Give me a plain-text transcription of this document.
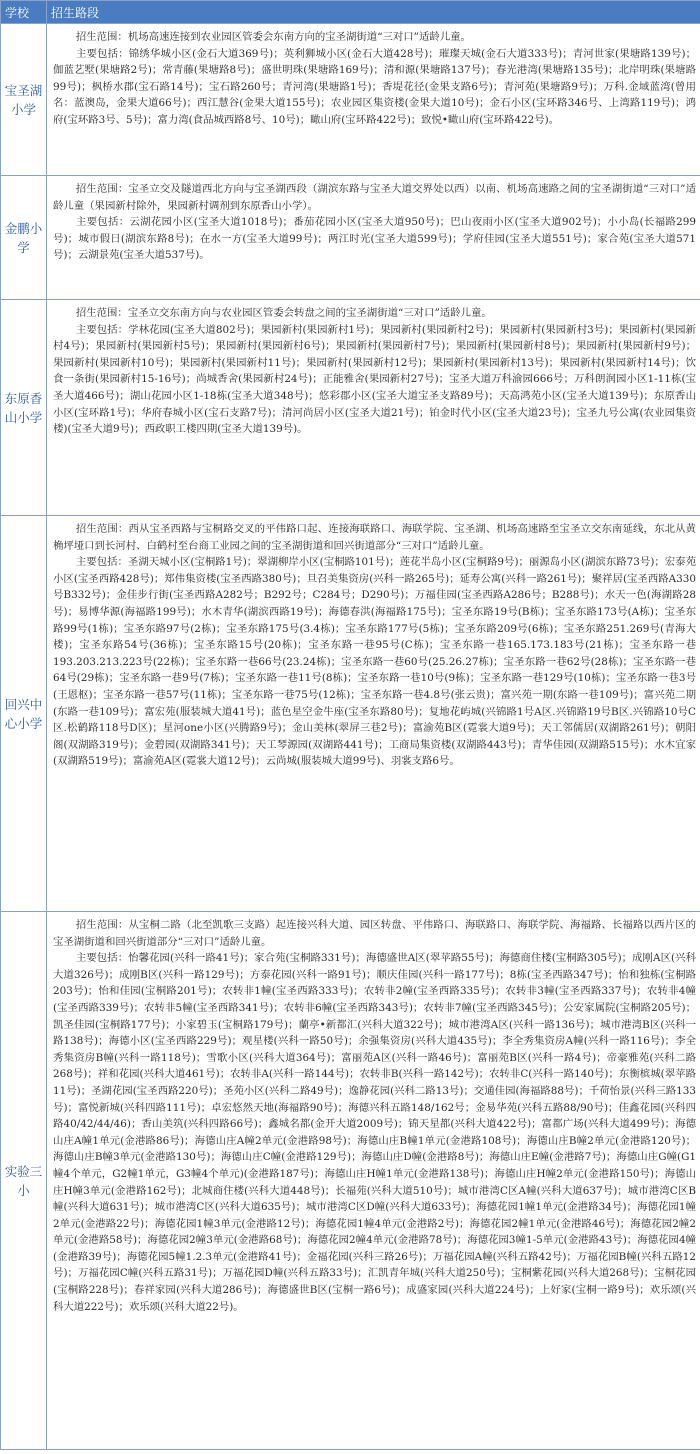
学校	招生路段
宝圣湖小学	招生范围：机场高速连接到农业园区管委会东南方向的宝圣湖街道“三对口”适龄儿童。

主要包括：锦绣华城小区(金石大道369号)；英利狮城小区(金石大道428号)；璀璨天城(金石大道333号)；青河世家(果塘路139号)；伽蓝艺墅(果塘路2号)；常青藤(果塘路8号)；盛世明珠(果塘路169号)；清和源(果塘路137号)；春光港湾(果塘路135号)；北岸明珠(果塘路99号)；枫桥水郡(宝石路14号)；宝石路260号；青河湾(果塘路1号)；香堤花径(金果支路6号)；青河苑(果塘路9号)；万科.金域蓝湾(曾用名：蓝澳岛，金果大道66号)；西江慧谷(金果大道155号)；农业园区集资楼(金果大道10号)；金石小区(宝环路346号、上湾路119号)；鸿府(宝环路3号、5号)；富力湾(食品城西路8号、10号)；瞰山府(宝环路422号)；致悦•瞰山府(宝环路422号)。

金鹏小学	招生范围：宝圣立交及隧道西北方向与宝圣湖西段（湖滨东路与宝圣大道交界处以西）以南、机场高速路之间的宝圣湖街道“三对口”适龄儿童（果园新村除外，果园新村调剂到东原香山小学）。

主要包括：云湖花园小区(宝圣大道1018号)；番茄花园小区(宝圣大道950号)；巴山夜雨小区(宝圣大道902号)；小小岛(长福路299号)；城市假日(湖滨东路8号)；在水一方(宝圣大道99号)；两江时光(宝圣大道599号)；学府佳园(宝圣大道551号)；家合苑(宝圣大道571号)；云湖景苑(宝圣大道537号)。

东原香山小学	招生范围：宝圣立交东南方向与农业园区管委会转盘之间的宝圣湖街道“三对口”适龄儿童。

主要包括：学林花园(宝圣大道802号)；果园新村(果园新村1号)；果园新村(果园新村2号)；果园新村(果园新村3号)；果园新村(果园新村4号)；果园新村(果园新村5号)；果园新村(果园新村6号)；果园新村(果园新村7号)；果园新村(果园新村8号)；果园新村(果园新村9号)；果园新村(果园新村10号)；果园新村(果园新村11号)；果园新村(果园新村12号)；果园新村(果园新村13号)；果园新村(果园新村14号)；饮食一条街(果园新村15-16号)；尚城香舍(果园新村24号)；正能雅舍(果园新村27号)；宝圣大道万科渝园666号；万科朗润园小区1-11栋(宝圣大道466号)；湖山花园小区1-18栋(宝圣大道348号)；悠彩郡小区(宝圣大道宝圣支路89号)；天高鸿苑小区(宝圣大道139号)；东原香山小区(宝环路1号)；华府春城小区(宝石支路7号)；清河尚居小区(宝圣大道21号)；铂金时代小区(宝圣大道23号)；宝圣九号公寓(农业园集资楼)(宝圣大道9号)；西政职工楼四期(宝圣大道139号)。

回兴中心小学	招生范围：西从宝圣西路与宝桐路交叉的平伟路口起、连接海联路口、海联学院、宝圣湖、机场高速路至宝圣立交东南延线，东北从黄桷坪垭口到长河村、白鹤村至台商工业园之间的宝圣湖街道和回兴街道部分“三对口”适龄儿童。

主要包括：圣湖天城小区(宝桐路1号)；翠湖柳岸小区(宝桐路101号)；莲花半岛小区(宝桐路9号)；丽源岛小区(湖滨东路73号)；宏泰苑小区(宝圣西路428号)；郑伟集资楼(宝圣西路380号)；旦召美集资房(兴科一路265号)；延寿公寓(兴科一路261号)；聚祥居(宝圣西路A330号B332号)；金佳步行街(宝圣西路A282号；B292号；C284号；D290号)；万福佳园(宝圣西路A286号；B288号)；水天一色(海湖路28号)；易博华源(海福路199号)；水木青华(湖滨西路19号)；海德春洪(海福路175号)；宝圣东路19号(B栋)；宝圣东路173号(A栋)；宝圣东路99号(1栋)；宝圣东路97号(2栋)；宝圣东路175号(3.4栋)；宝圣东路177号(5栋)；宝圣东路209号(6栋)；宝圣东路251.269号(青海大楼)；宝圣东路54号(36栋)；宝圣东路15号(20栋)；宝圣东路一巷95号(C栋)；宝圣东路一巷165.173.183号(21栋)；宝圣东路一巷193.203.213.223号(22栋)；宝圣东路一巷66号(23.24栋)；宝圣东路一巷60号(25.26.27栋)；宝圣东路一巷62号(28栋)；宝圣东路一巷64号(29栋)；宝圣东路一巷9号(7栋)；宝圣东路一巷11号(8栋)；宝圣东路一巷10号(9栋)；宝圣东路一巷129号(10栋)；宝圣东路一巷3号(王恩枢)；宝圣东路一巷57号(11栋)；宝圣东路一巷75号(12栋)；宝圣东路一巷4.8号(张云贵)；富兴苑一期(东路一巷109号)；富兴苑二期(东路一巷109号)；富宏苑(服装城大道41号)；蓝色星空金牛座(宝圣东路80号)；复地花屿城(兴锦路1号A区.兴锦路19号B区.兴锦路10号C区.松鹤路118号D区)；星河one小区(兴腾路9号)；金山美林(翠屏三巷2号)；富渝苑B区(霓裳大道9号)；天工邻儒居(双湖路261号)；朝阳阁(双湖路319号)；金碧园(双湖路341号)；天工琴源园(双湖路441号)；工商局集资楼(双湖路443号)；青华佳园(双湖路515号)；水木宜家(双湖路519号)；富渝苑A区(霓裳大道12号)；云尚城(服装城大道99号)、羽裳支路6号。

实验三小	招生范围：从宝桐二路（北至凯歌三支路）起连接兴科大道、园区转盘、平伟路口、海联路口、海联学院、海福路、长福路以西片区的宝圣湖街道和回兴街道部分“三对口”适龄儿童。

主要包括：怡馨花园(兴科一路41号)；家合苑(宝桐路331号)；海德盛世A区(翠苹路55号)；海德商住楼(宝桐路305号)；成刚A区(兴科大道326号)；成刚B区(兴科一路129号)；方泰花园(兴科一路91号)；顺庆佳园(兴科一路177号)；8栋(宝圣西路347号)；怡和独栋(宝桐路203号)；怡和佳园(宝桐路201号)；农转非1幢(宝圣西路333号)；农转非2幢(宝圣西路335号)；农转非3幢(宝圣西路337号)；农转非4幢(宝圣西路339号)；农转非5幢(宝圣西路341号)；农转非6幢(宝圣西路343号)；农转非7幢(宝圣西路345号)；公安家属院(宝桐路205号)；凯圣佳园(宝桐路177号)；小家碧玉(宝桐路179号)；蘭亭•新都汇(兴科大道322号)；城市港湾A区(兴科一路136号)；城市港湾B区(兴科一路138号)；海德小区(宝圣西路229号)；观星楼(兴科一路50号)；余强集资房(兴科大道435号)；李全秀集资房A幢(兴科一路116号)；李全秀集资房B幢(兴科一路118号)；雪歌小区(兴科大道364号)；富丽苑A区(兴科一路46号)；富丽苑B区(兴科一路4号)；帝豪雅苑(兴科二路268号)；祥和花园(兴科大道461号)；农转非A(兴科一路144号)；农转非B(兴科一路142号)；农转非C(兴科一路140号)；东衡槟城(翠苹路11号)；圣湖花园(宝圣西路220号)；圣苑小区(兴科二路49号)；逸静花园(兴科二路13号)；交通佳园(海福路88号)；千荷怡景(兴科三路133号)；富悦新城(兴科四路111号)；卓宏悠然天地(海福路90号)；海德兴科五路148/162号；金易华苑(兴科五路88/90号)；佳鑫花园(兴科四路40/42/44/46)；香山美筑(兴科四路66号)；鑫城名都(金开大道2009号)；锦天星都(兴科大道422号)；富都广场(兴科大道499号)；海德山庄A幢1单元(金港路86号)；海德山庄A幢2单元(金港路98号)；海德山庄B幢1单元(金港路108号)；海德山庄B幢2单元(金港路120号)；海德山庄B幢3单元(金港路130号)；海德山庄C幢(金港路129号)；海德山庄D幢(金港路8号)；海德山庄E幢(金港路7号)；海德山庄G幢(G1幢4个单元，G2幢1单元，G3幢4个单元)(金港路187号)；海德山庄H幢1单元(金港路138号)；海德山庄H幢2单元(金港路150号)；海德山庄H幢3单元(金港路162号)；北城商住楼(兴科大道448号)；长福苑(兴科大道510号)；城市港湾C区A幢(兴科大道637号)；城市港湾C区B幢(兴科大道631号)；城市港湾C区(兴科大道635号)；城市港湾C区D幢(兴科大道633号)；海德花园1幢1单元(金港路34号)；海德花园1幢2单元(金港路22号)；海德花园1幢3单元(金港路12号)；海德花园1幢4单元(金港路2号)；海德花园2幢1单元(金港路46号)；海德花园2幢2单元(金港路58号)；海德花园2幢3单元(金港路68号)；海德花园2幢4单元(金港路78号)；海德花园3幢1-5单元(金港路43号)；海德花园4幢(金港路39号)；海德花园5幢1.2.3单元(金港路41号)；金福花园(兴科三路26号)；万福花园A幢(兴科五路42号)；万福花园B幢(兴科五路12号)；万福花园C幢(兴科五路31号)；万福花园D幢(兴科五路33号)；汇凯青年城(兴科大道250号)；宝桐紫花园(兴科大道268号)；宝桐花园(宝桐路228号)；春祥家园(兴科大道286号)；海德盛世B区(宝桐一路6号)；成盛家园(兴科大道224号)；上好家(宝桐一路9号)；欢乐颂(兴科大道222号)；欢乐颂(兴科大道22号)。
